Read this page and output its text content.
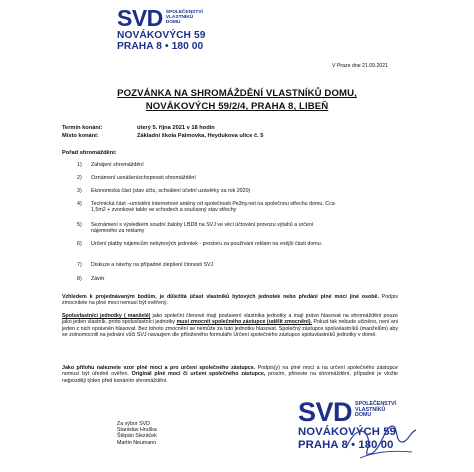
SVD SPOLEČENSTVÍ
VLASTNÍKŮ
DOMU
NOVÁKOVÝCH 59
PRAHA 8 • 180 00
V Praze dne 21.09.2021
POZVÁNKA NA SHROMÁŽDĚNÍ VLASTNÍKŮ DOMU,
NOVÁKOVÝCH 59/2/4, PRAHA 8, LIBEŇ
Termín konání:	úterý 5. října 2021 v 18 hodin
Místo konání:	Základní škola Palmovka, Heydukova ulice č. 5
Pořad shromáždění:
1) Zahájení shromáždění
2) Oznámení usnášeníschopnosti shromáždění
3) Ekonomická část (stav účtu, schválení účetní uzávěrky za rok 2020)
4) Technická část –umístění internetové antény od společnosti Pe3ny.net na společnou střechu domu. Cca 1,5m2 + zvonkové tablo ve vchodech a současný stav střechy
5) Seznámení s výsledkem soudní žaloby LBD8 na SVJ ve věci účtování provozu výtahů a určení nájemného za reklamy
6) Určení platby nájemcům nebytových jednotek - prostoru za používání reklam na vnější části domu.
7) Diskuze a návrhy na případné zlepšení činnosti SVJ
8) Závěr
Vzhledem k projednávaným bodům, je důležitá účast vlastníků bytových jednotek nebo předání plné moci jiné osobě. Podpis zmocnitele na plné moci nemusí být ověřený.
Spoluvlastníci jednotky ( manželé) jako společní členové mají postavení vlastníka jednotky a mají právo hlasovat na shromáždění pouze jako jeden vlastník, proto spoluvlastníci jednotky musí zmocnit společného zástupce (udělit zmocnění). Pokud tak nebude učiněno, není ani jeden z nich oprávněn hlasovat. Bez tohoto zmocnění se nemůže za tuto jednotku hlasovat. Společný zástupce spoluvlastníků (manželům) aby se zolnomocnili na jednání vůči SVJ navazjem dle přiloženého formuláře Určení společného zástupce spoluvlastníků jednotky v domě.
Jako přílohu naleznete vzor plné moci a pro určení společného zástupce. Podpis(y) na plné moci a na určení společného zástupce nemusí být úředně ověřen. Originál plné moci či určení společného zástupce, prosím, přineste na shromáždění, případně je vložte nejpozději týden před konáním shromáždění.
Za výbor SVD
Stanislav Hruška
Štěpán Slezáček
Martin Neumann
SVD SPOLEČENSTVÍ
VLASTNÍKŮ
DOMU
NOVÁKOVÝCH 59
PRAHA 8 • 180 00
